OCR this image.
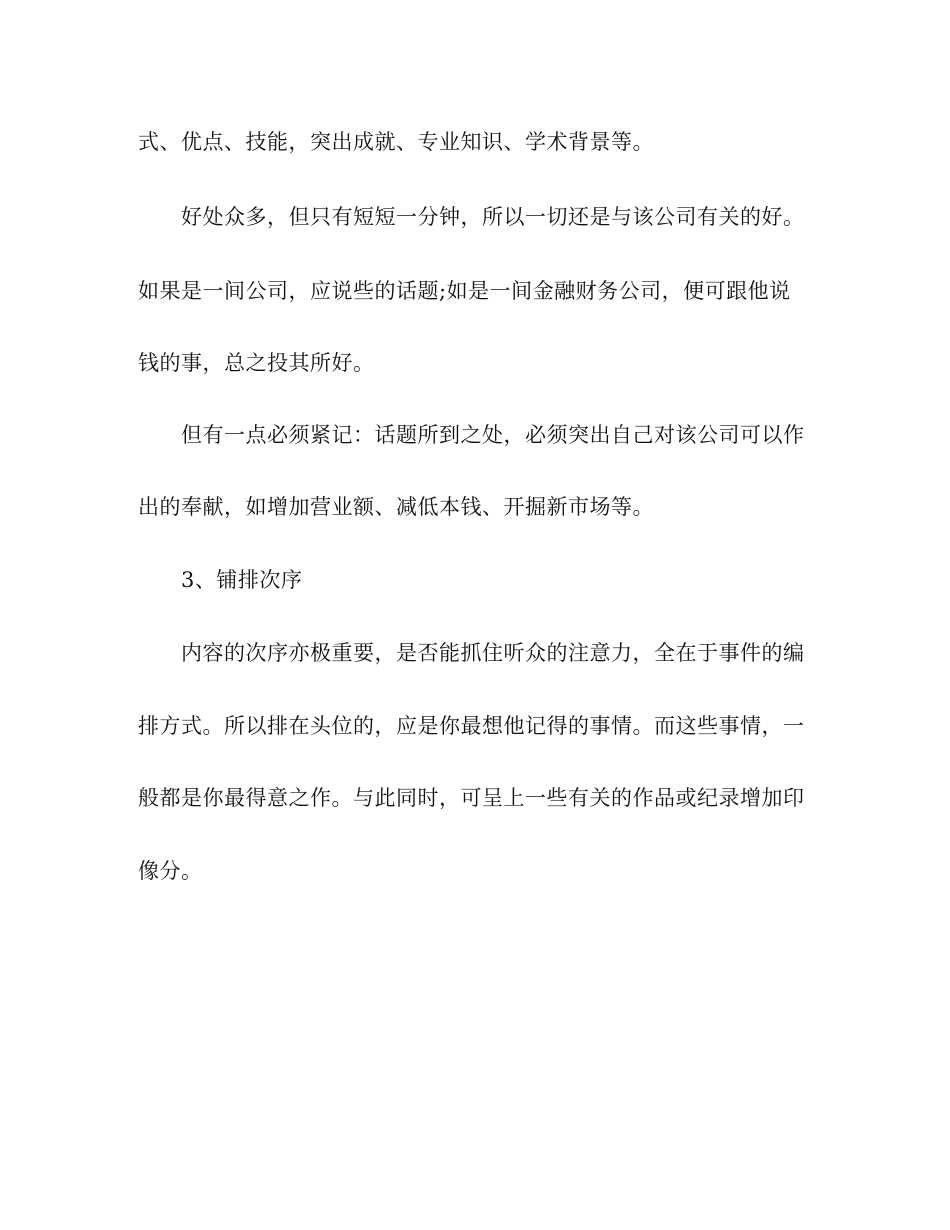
式、优点、技能，突出成就、专业知识、学术背景等。

好处众多，但只有短短一分钟，所以一切还是与该公司有关的好。

如果是一间公司，应说些的话题;如是一间金融财务公司，便可跟他说

钱的事，总之投其所好。

但有一点必须紧记：话题所到之处，必须突出自己对该公司可以作

出的奉献，如增加营业额、减低本钱、开掘新市场等。

3、铺排次序

内容的次序亦极重要，是否能抓住听众的注意力，全在于事件的编

排方式。所以排在头位的，应是你最想他记得的事情。而这些事情，一

般都是你最得意之作。与此同时，可呈上一些有关的作品或纪录增加印

像分。
